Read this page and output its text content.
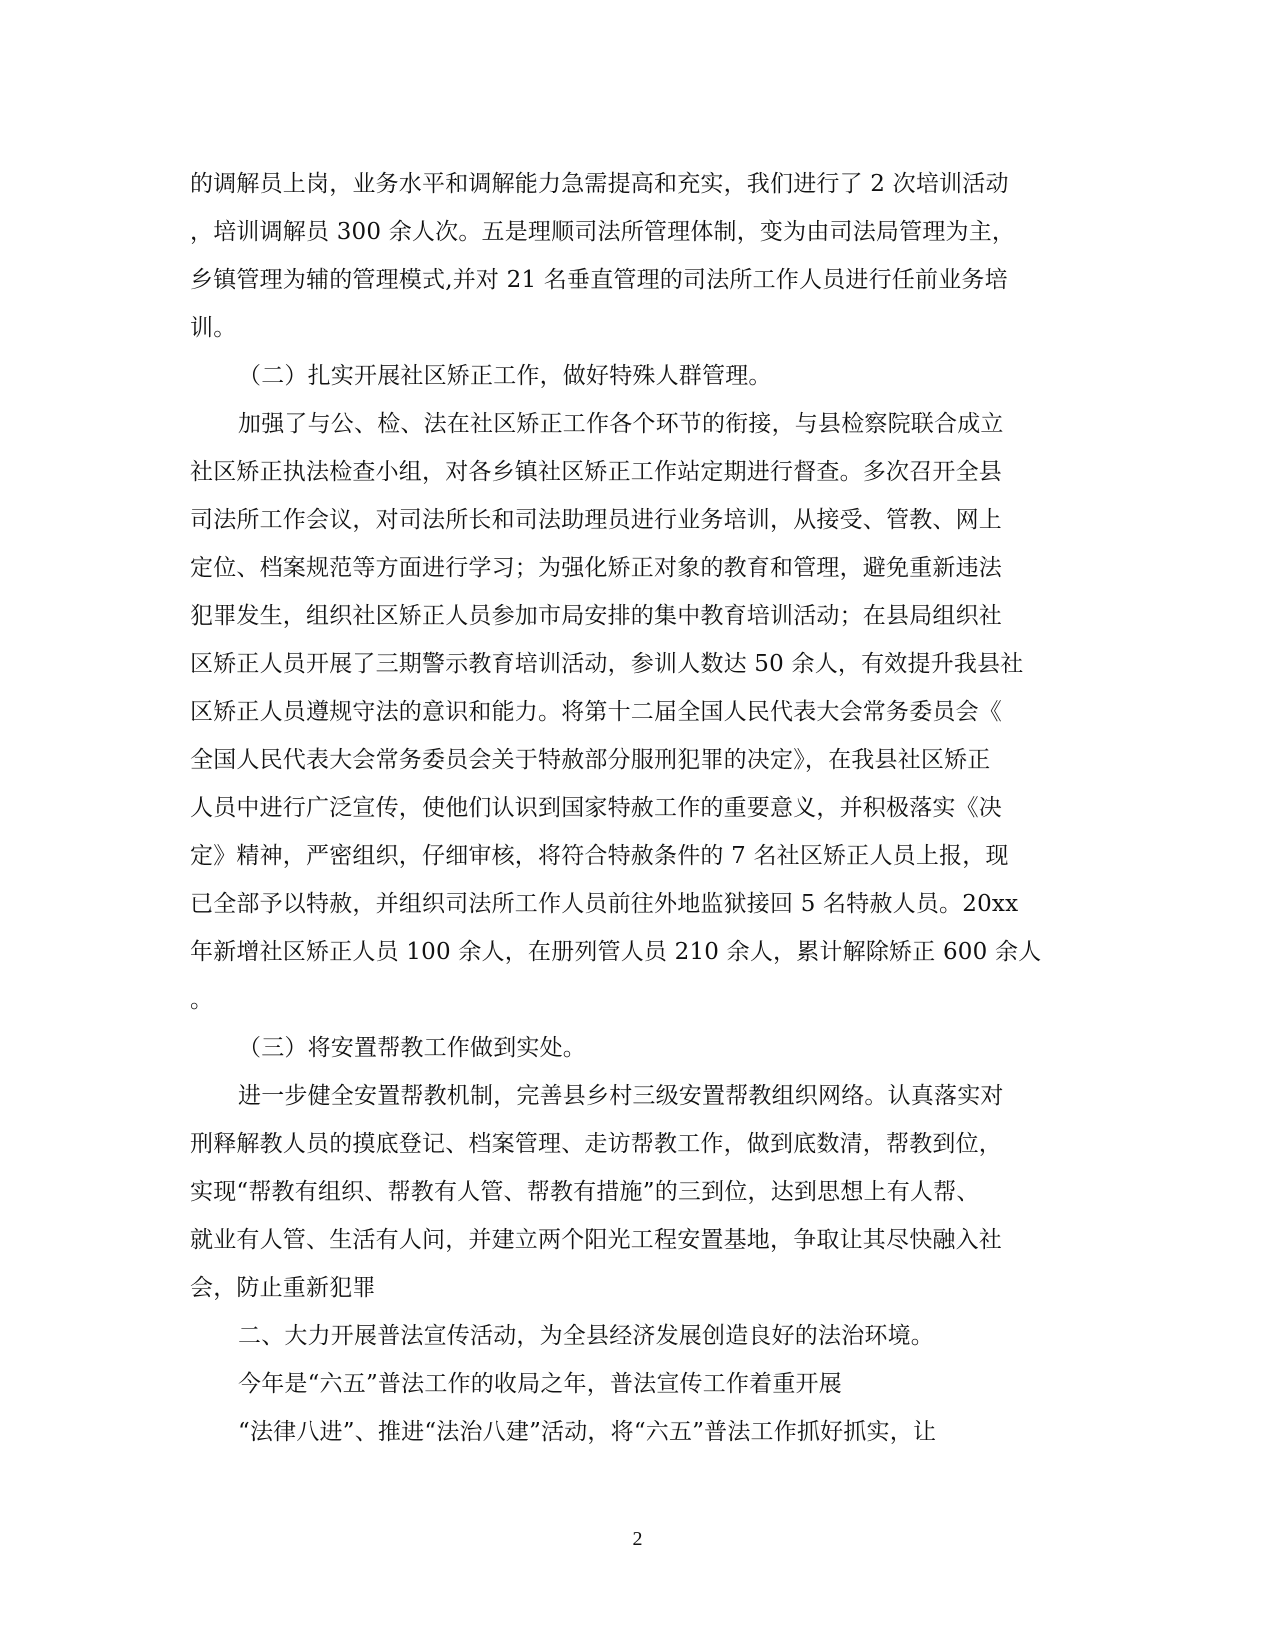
的调解员上岗，业务水平和调解能力急需提高和充实，我们进行了 2 次培训活动
，培训调解员 300 余人次。五是理顺司法所管理体制，变为由司法局管理为主，
乡镇管理为辅的管理模式,并对 21 名垂直管理的司法所工作人员进行任前业务培
训。
（二）扎实开展社区矫正工作，做好特殊人群管理。
加强了与公、检、法在社区矫正工作各个环节的衔接，与县检察院联合成立
社区矫正执法检查小组，对各乡镇社区矫正工作站定期进行督查。多次召开全县
司法所工作会议，对司法所长和司法助理员进行业务培训，从接受、管教、网上
定位、档案规范等方面进行学习；为强化矫正对象的教育和管理，避免重新违法
犯罪发生，组织社区矫正人员参加市局安排的集中教育培训活动；在县局组织社
区矫正人员开展了三期警示教育培训活动，参训人数达 50 余人，有效提升我县社
区矫正人员遵规守法的意识和能力。将第十二届全国人民代表大会常务委员会《
全国人民代表大会常务委员会关于特赦部分服刑犯罪的决定》，在我县社区矫正
人员中进行广泛宣传，使他们认识到国家特赦工作的重要意义，并积极落实《决
定》精神，严密组织，仔细审核，将符合特赦条件的 7 名社区矫正人员上报，现
已全部予以特赦，并组织司法所工作人员前往外地监狱接回 5 名特赦人员。20xx
年新增社区矫正人员 100 余人，在册列管人员 210 余人，累计解除矫正 600 余人
。
（三）将安置帮教工作做到实处。
进一步健全安置帮教机制，完善县乡村三级安置帮教组织网络。认真落实对
刑释解教人员的摸底登记、档案管理、走访帮教工作，做到底数清，帮教到位，
实现“帮教有组织、帮教有人管、帮教有措施”的三到位，达到思想上有人帮、
就业有人管、生活有人问，并建立两个阳光工程安置基地，争取让其尽快融入社
会，防止重新犯罪
二、大力开展普法宣传活动，为全县经济发展创造良好的法治环境。
今年是“六五”普法工作的收局之年，普法宣传工作着重开展
“法律八进”、推进“法治八建”活动，将“六五”普法工作抓好抓实，让
2
